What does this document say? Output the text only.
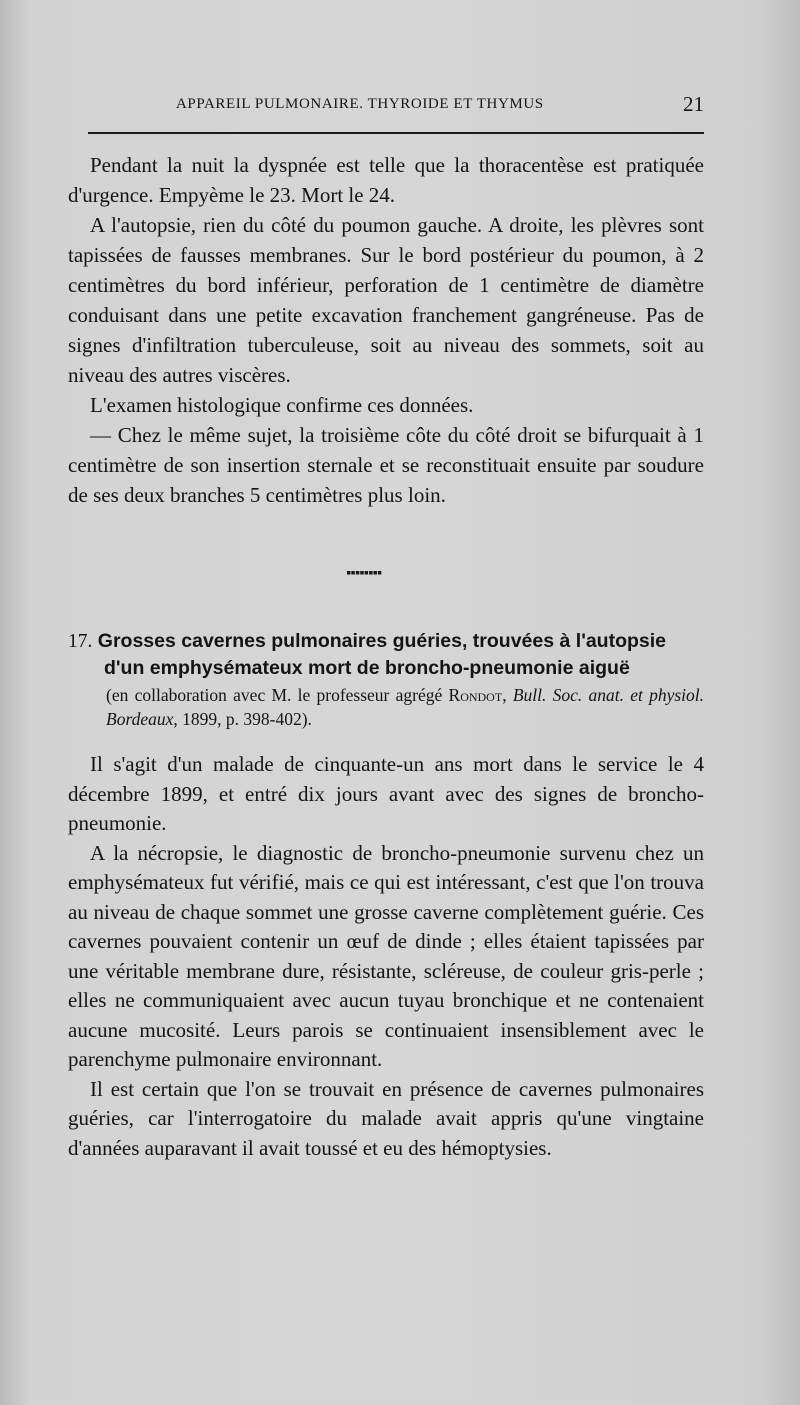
APPAREIL PULMONAIRE. THYROIDE ET THYMUS	21

Pendant la nuit la dyspnée est telle que la thoracentèse est pratiquée d'urgence. Empyème le 23. Mort le 24.

A l'autopsie, rien du côté du poumon gauche. A droite, les plèvres sont tapissées de fausses membranes. Sur le bord postérieur du poumon, à 2 centimètres du bord inférieur, perforation de 1 centimètre de diamètre conduisant dans une petite excavation franchement gangréneuse. Pas de signes d'infiltration tuberculeuse, soit au niveau des sommets, soit au niveau des autres viscères.

L'examen histologique confirme ces données.

— Chez le même sujet, la troisième côte du côté droit se bifurquait à 1 centimètre de son insertion sternale et se reconstituait ensuite par soudure de ses deux branches 5 centimètres plus loin.

▪▪▪▪▪▪▪▪

17. Grosses cavernes pulmonaires guéries, trouvées à l'autopsie d'un emphysémateux mort de broncho-pneumonie aiguë

(en collaboration avec M. le professeur agrégé Rondot, Bull. Soc. anat. et physiol. Bordeaux, 1899, p. 398-402).

Il s'agit d'un malade de cinquante-un ans mort dans le service le 4 décembre 1899, et entré dix jours avant avec des signes de broncho-pneumonie.

A la nécropsie, le diagnostic de broncho-pneumonie survenu chez un emphysémateux fut vérifié, mais ce qui est intéressant, c'est que l'on trouva au niveau de chaque sommet une grosse caverne complètement guérie. Ces cavernes pouvaient contenir un œuf de dinde ; elles étaient tapissées par une véritable membrane dure, résistante, scléreuse, de couleur gris-perle ; elles ne communiquaient avec aucun tuyau bronchique et ne contenaient aucune mucosité. Leurs parois se continuaient insensiblement avec le parenchyme pulmonaire environnant.

Il est certain que l'on se trouvait en présence de cavernes pulmonaires guéries, car l'interrogatoire du malade avait appris qu'une vingtaine d'années auparavant il avait toussé et eu des hémoptysies.
